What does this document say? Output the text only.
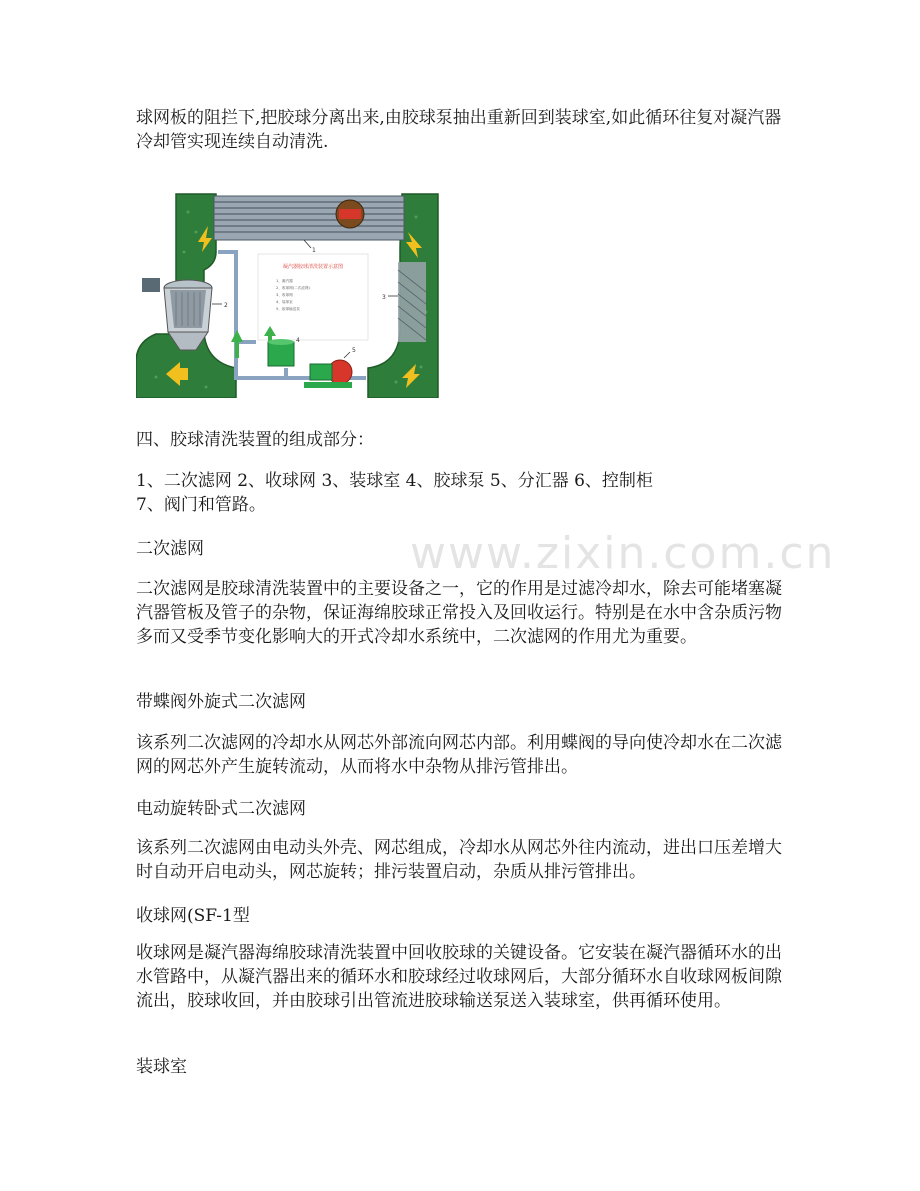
球网板的阻拦下,把胶球分离出来,由胶球泵抽出重新回到装球室,如此循环往复对凝汽器冷却管实现连续自动清洗.

1
2
凝汽器胶球清洗装置示意图
1、凝汽器
2、收球网(二次滤网)
3、收球网
4、装球室
5、胶球输送泵
4
5
3

四、胶球清洗装置的组成部分：

1、二次滤网 2、收球网 3、装球室 4、胶球泵 5、分汇器 6、控制柜

7、阀门和管路。

二次滤网

二次滤网是胶球清洗装置中的主要设备之一，它的作用是过滤冷却水，除去可能堵塞凝汽器管板及管子的杂物，保证海绵胶球正常投入及回收运行。特别是在水中含杂质污物多而又受季节变化影响大的开式冷却水系统中，二次滤网的作用尤为重要。

带蝶阀外旋式二次滤网

该系列二次滤网的冷却水从网芯外部流向网芯内部。利用蝶阀的导向使冷却水在二次滤网的网芯外产生旋转流动，从而将水中杂物从排污管排出。

电动旋转卧式二次滤网

该系列二次滤网由电动头外壳、网芯组成，冷却水从网芯外往内流动，进出口压差增大时自动开启电动头，网芯旋转；排污装置启动，杂质从排污管排出。

收球网(SF-1型

收球网是凝汽器海绵胶球清洗装置中回收胶球的关键设备。它安装在凝汽器循环水的出水管路中，从凝汽器出来的循环水和胶球经过收球网后，大部分循环水自收球网板间隙流出，胶球收回，并由胶球引出管流进胶球输送泵送入装球室，供再循环使用。

装球室

www.zixin.com.cn
